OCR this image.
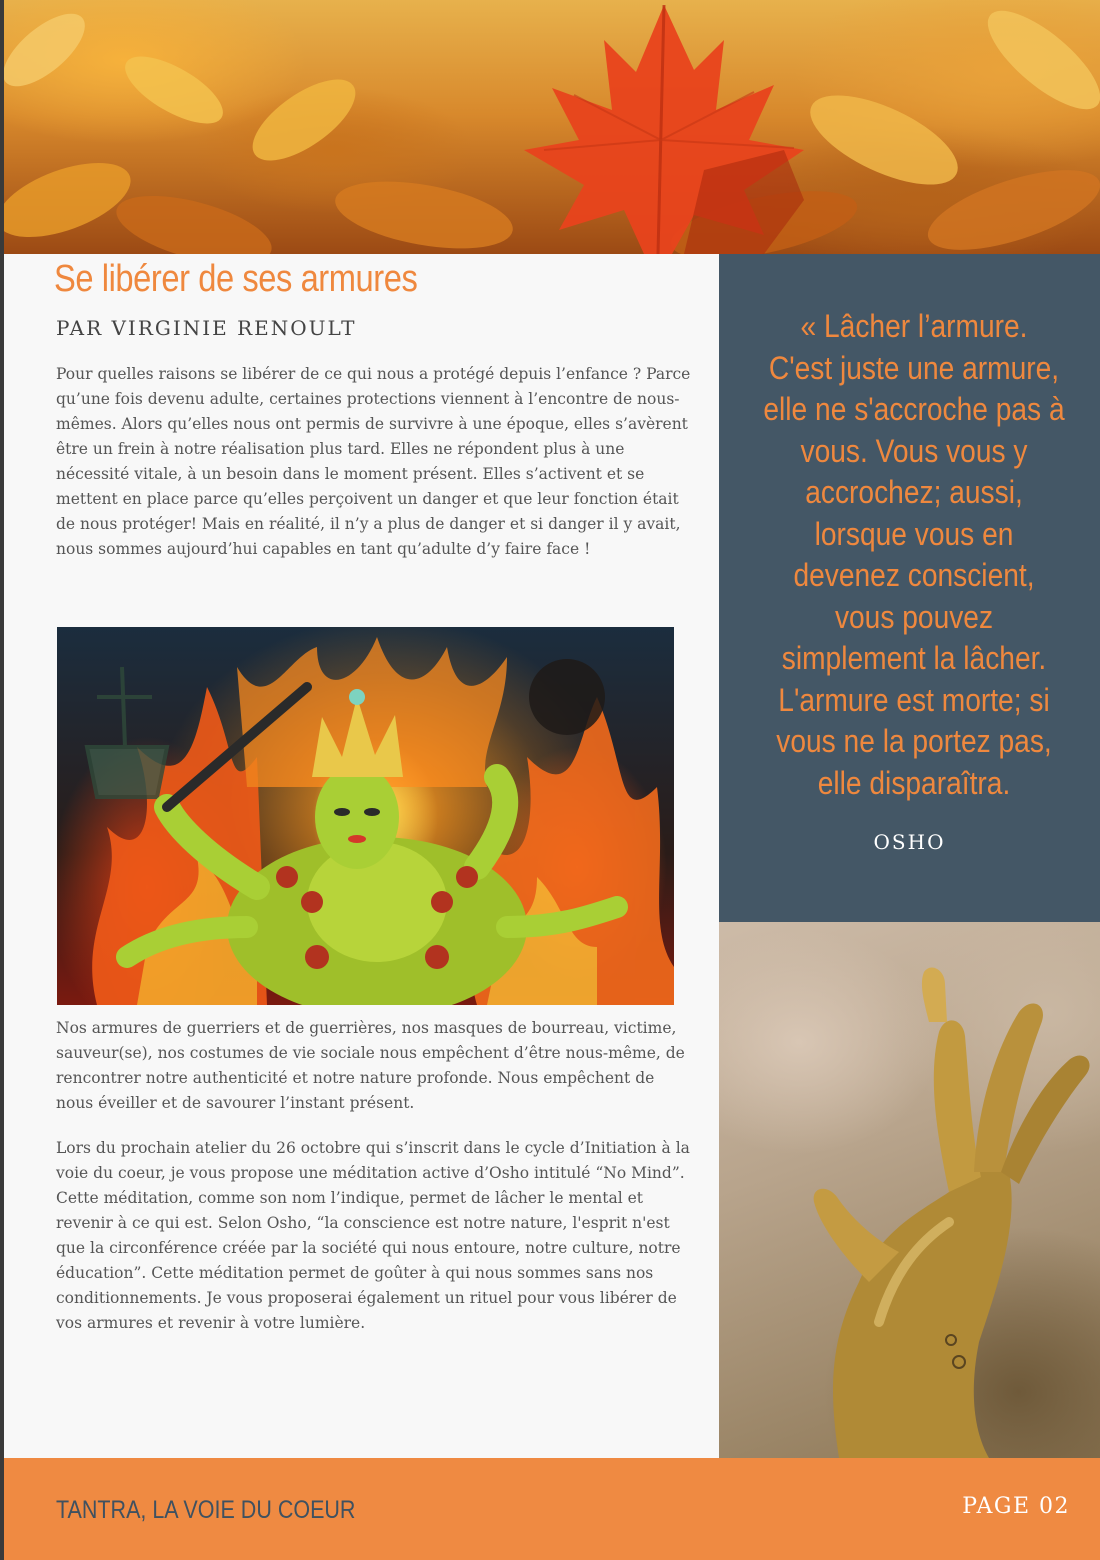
Se libérer de ses armures
PAR VIRGINIE RENOULT

Pour quelles raisons se libérer de ce qui nous a protégé depuis l’enfance ? Parce qu’une fois devenu adulte, certaines protections viennent à l’encontre de nous-mêmes. Alors qu’elles nous ont permis de survivre à une époque, elles s’avèrent être un frein à notre réalisation plus tard. Elles ne répondent plus à une nécessité vitale, à un besoin dans le moment présent. Elles s’activent et se mettent en place parce qu’elles perçoivent un danger et que leur fonction était de nous protéger! Mais en réalité, il n’y a plus de danger et si danger il y avait, nous sommes aujourd’hui capables en tant qu’adulte d’y faire face !

Nos armures de guerriers et de guerrières, nos masques de bourreau, victime, sauveur(se), nos costumes de vie sociale nous empêchent d’être nous-même, de rencontrer notre authenticité et notre nature profonde. Nous empêchent de nous éveiller et de savourer l’instant présent.

Lors du prochain atelier du 26 octobre qui s’inscrit dans le cycle d’Initiation à la voie du coeur, je vous propose une méditation active d’Osho intitulé “No Mind”. Cette méditation, comme son nom l’indique, permet de lâcher le mental et revenir à ce qui est. Selon Osho, “la conscience est notre nature, l'esprit n'est que la circonférence créée par la société qui nous entoure, notre culture, notre éducation”. Cette méditation permet de goûter à qui nous sommes sans nos conditionnements. Je vous proposerai également un rituel pour vous libérer de vos armures et revenir à votre lumière.

« Lâcher l’armure.
C'est juste une armure, elle ne s'accroche pas à vous. Vous vous y accrochez; aussi, lorsque vous en devenez conscient, vous pouvez simplement la lâcher. L'armure est morte; si vous ne la portez pas, elle disparaîtra.

OSHO
TANTRA, LA VOIE DU COEUR	PAGE 02
